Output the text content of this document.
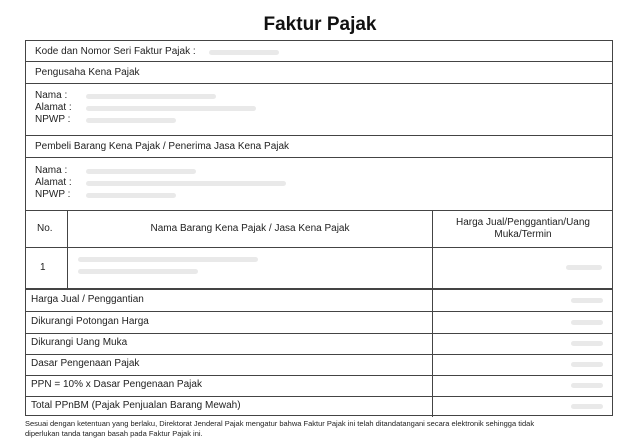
Faktur Pajak
Kode dan Nomor Seri Faktur Pajak :
Pengusaha Kena Pajak
Nama :
Alamat :
NPWP :
Pembeli Barang Kena Pajak / Penerima Jasa Kena Pajak
Nama :
Alamat :
NPWP :
No.	Nama Barang Kena Pajak / Jasa Kena Pajak
Harga Jual/Penggantian/Uang
Muka/Termin
1
Harga Jual / Penggantian
Dikurangi Potongan Harga
Dikurangi Uang Muka
Dasar Pengenaan Pajak
PPN = 10% x Dasar Pengenaan Pajak
Total PPnBM (Pajak Penjualan Barang Mewah)
Sesuai dengan ketentuan yang berlaku, Direktorat Jenderal Pajak mengatur bahwa Faktur Pajak ini telah ditandatangani secara elektronik sehingga tidak
diperlukan tanda tangan basah pada Faktur Pajak ini.
